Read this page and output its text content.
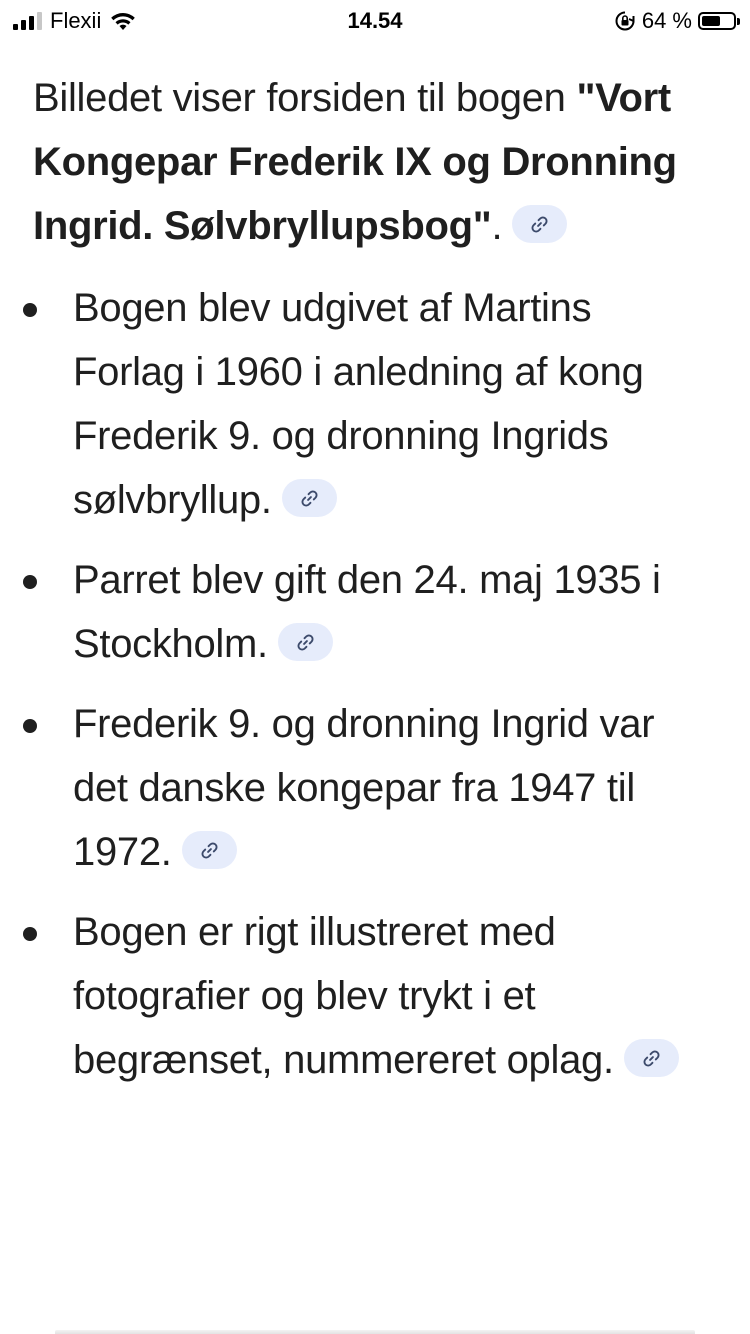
Flexii	14.54	64 %

Billedet viser forsiden til bogen "Vort Kongepar Frederik IX og Dronning Ingrid. Sølvbryllupsbog".

Bogen blev udgivet af Martins Forlag i 1960 i anledning af kong Frederik 9. og dronning Ingrids sølvbryllup.
Parret blev gift den 24. maj 1935 i Stockholm.
Frederik 9. og dronning Ingrid var det danske kongepar fra 1947 til 1972.
Bogen er rigt illustreret med fotografier og blev trykt i et begrænset, nummereret oplag.
